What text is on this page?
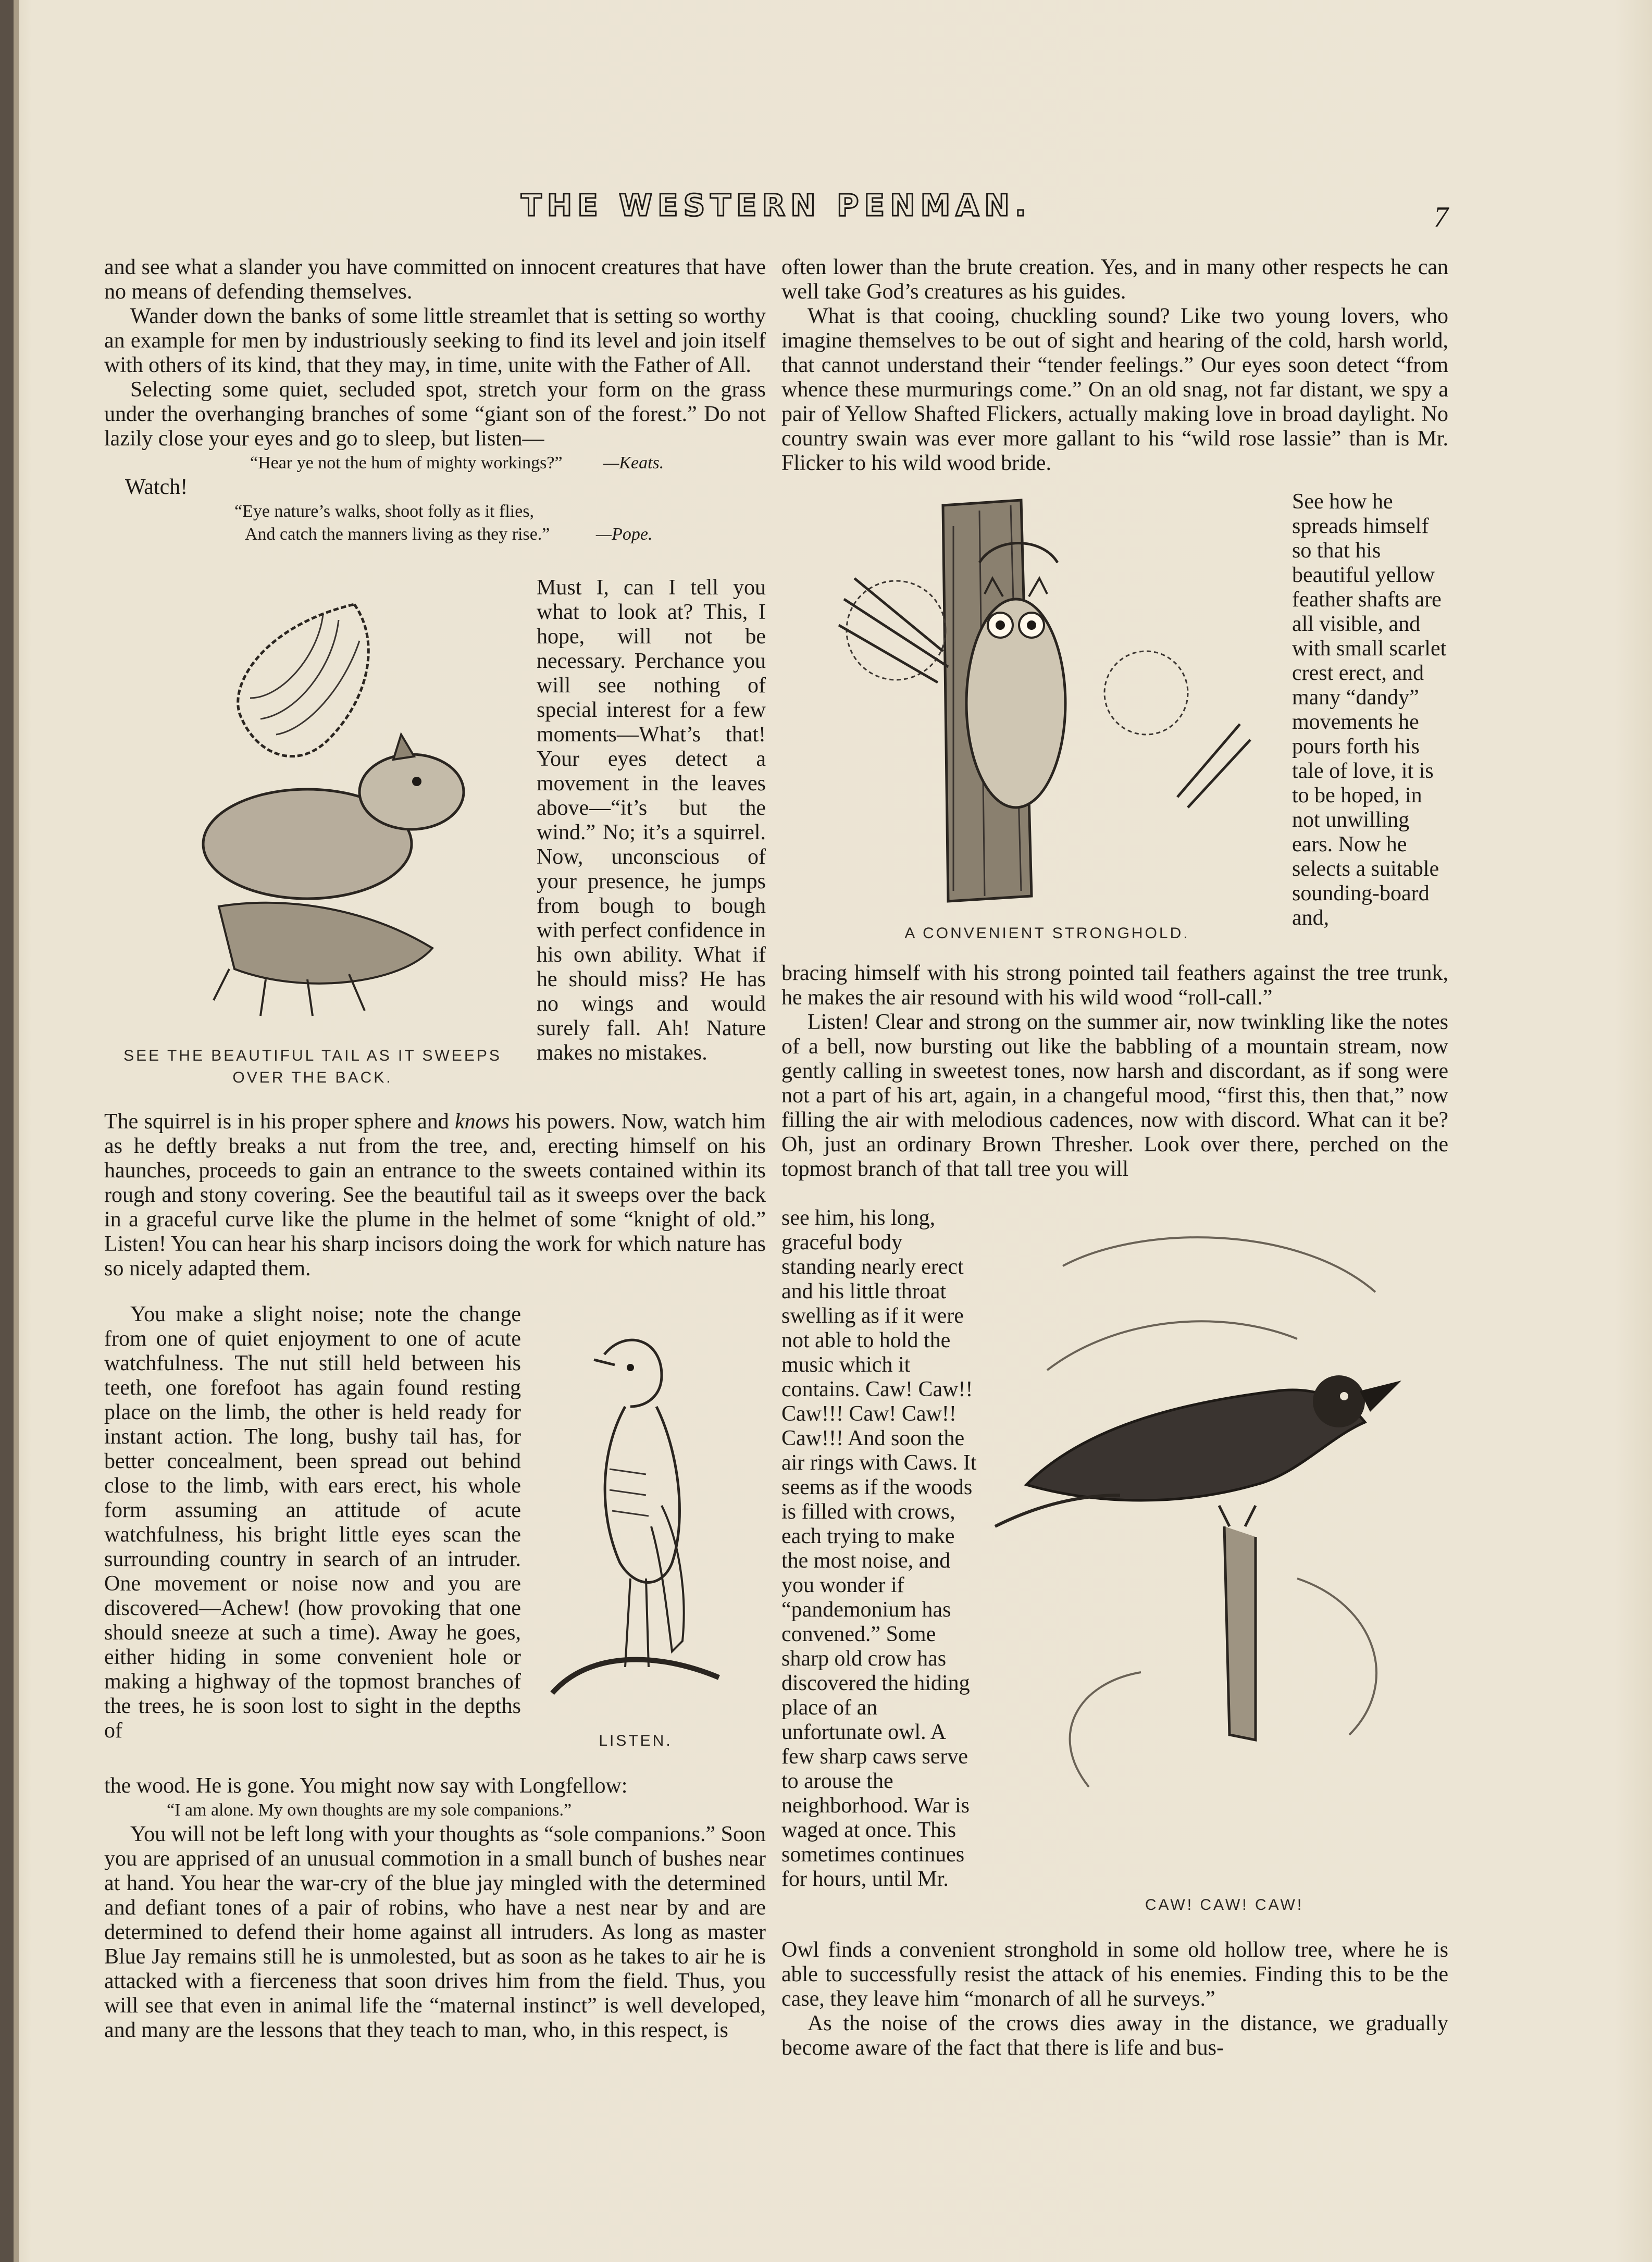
THE WESTERN PENMAN.	7

and see what a slander you have committed on innocent creatures that have no means of defending themselves.

Wander down the banks of some little streamlet that is setting so worthy an example for men by industriously seeking to find its level and join itself with others of its kind, that they may, in time, unite with the Father of All.

Selecting some quiet, secluded spot, stretch your form on the grass under the overhanging branches of some “giant son of the forest.” Do not lazily close your eyes and go to sleep, but listen—

“Hear ye not the hum of mighty workings?” —Keats.

Watch!

“Eye nature’s walks, shoot folly as it flies,

And catch the manners living as they rise.”	—Pope.

SEE THE BEAUTIFUL TAIL AS IT SWEEPS
OVER THE BACK.
Must I, can I tell you what to look at? This, I hope, will not be necessary. Perchance you will see nothing of special interest for a few moments—What’s that! Your eyes detect a movement in the leaves above—“it’s but the wind.” No; it’s a squirrel. Now, unconscious of your presence, he jumps from bough to bough with perfect confidence in his own ability. What if he should miss? He has no wings and would surely fall. Ah! Nature makes no mistakes.

The squirrel is in his proper sphere and knows his powers. Now, watch him as he deftly breaks a nut from the tree, and, erecting himself on his haunches, proceeds to gain an entrance to the sweets contained within its rough and stony covering. See the beautiful tail as it sweeps over the back in a graceful curve like the plume in the helmet of some “knight of old.” Listen! You can hear his sharp incisors doing the work for which nature has so nicely adapted them.

You make a slight noise; note the change from one of quiet enjoyment to one of acute watchfulness. The nut still held between his teeth, one forefoot has again found resting place on the limb, the other is held ready for instant action. The long, bushy tail has, for better concealment, been spread out behind close to the limb, with ears erect, his whole form assuming an attitude of acute watchfulness, his bright little eyes scan the surrounding country in search of an intruder. One movement or noise now and you are discovered—Achew! (how provoking that one should sneeze at such a time). Away he goes, either hiding in some convenient hole or making a highway of the topmost branches of the trees, he is soon lost to sight in the depths of	LISTEN.

the wood. He is gone. You might now say with Longfellow:

“I am alone. My own thoughts are my sole companions.”

You will not be left long with your thoughts as “sole companions.” Soon you are apprised of an unusual commotion in a small bunch of bushes near at hand. You hear the war-cry of the blue jay mingled with the determined and defiant tones of a pair of robins, who have a nest near by and are determined to defend their home against all intruders. As long as master Blue Jay remains still he is unmolested, but as soon as he takes to air he is attacked with a fierceness that soon drives him from the field. Thus, you will see that even in animal life the “maternal instinct” is well developed, and many are the lessons that they teach to man, who, in this respect, is

often lower than the brute creation. Yes, and in many other respects he can well take God’s creatures as his guides.

What is that cooing, chuckling sound? Like two young lovers, who imagine themselves to be out of sight and hearing of the cold, harsh world, that cannot understand their “tender feelings.” Our eyes soon detect “from whence these murmurings come.” On an old snag, not far distant, we spy a pair of Yellow Shafted Flickers, actually making love in broad daylight. No country swain was ever more gallant to his “wild rose lassie” than is Mr. Flicker to his wild wood bride.

A CONVENIENT STRONGHOLD.
See how he spreads himself so that his beautiful yellow feather shafts are all visible, and with small scarlet crest erect, and many “dandy” movements he pours forth his tale of love, it is to be hoped, in not unwilling ears. Now he selects a suitable sounding-board and,

bracing himself with his strong pointed tail feathers against the tree trunk, he makes the air resound with his wild wood “roll-call.”

Listen! Clear and strong on the summer air, now twinkling like the notes of a bell, now bursting out like the babbling of a mountain stream, now gently calling in sweetest tones, now harsh and discordant, as if song were not a part of his art, again, in a changeful mood, “first this, then that,” now filling the air with melodious cadences, now with discord. What can it be? Oh, just an ordinary Brown Thresher. Look over there, perched on the topmost branch of that tall tree you will

see him, his long, graceful body standing nearly erect and his little throat swelling as if it were not able to hold the music which it contains. Caw! Caw!! Caw!!! Caw! Caw!! Caw!!! And soon the air rings with Caws. It seems as if the woods is filled with crows, each trying to make the most noise, and you wonder if “pandemonium has convened.” Some sharp old crow has discovered the hiding place of an unfortunate owl. A few sharp caws serve to arouse the neighborhood. War is waged at once. This sometimes continues for hours, until Mr.
CAW! CAW! CAW!

Owl finds a convenient stronghold in some old hollow tree, where he is able to successfully resist the attack of his enemies. Finding this to be the case, they leave him “monarch of all he surveys.”

As the noise of the crows dies away in the distance, we gradually become aware of the fact that there is life and bus-
